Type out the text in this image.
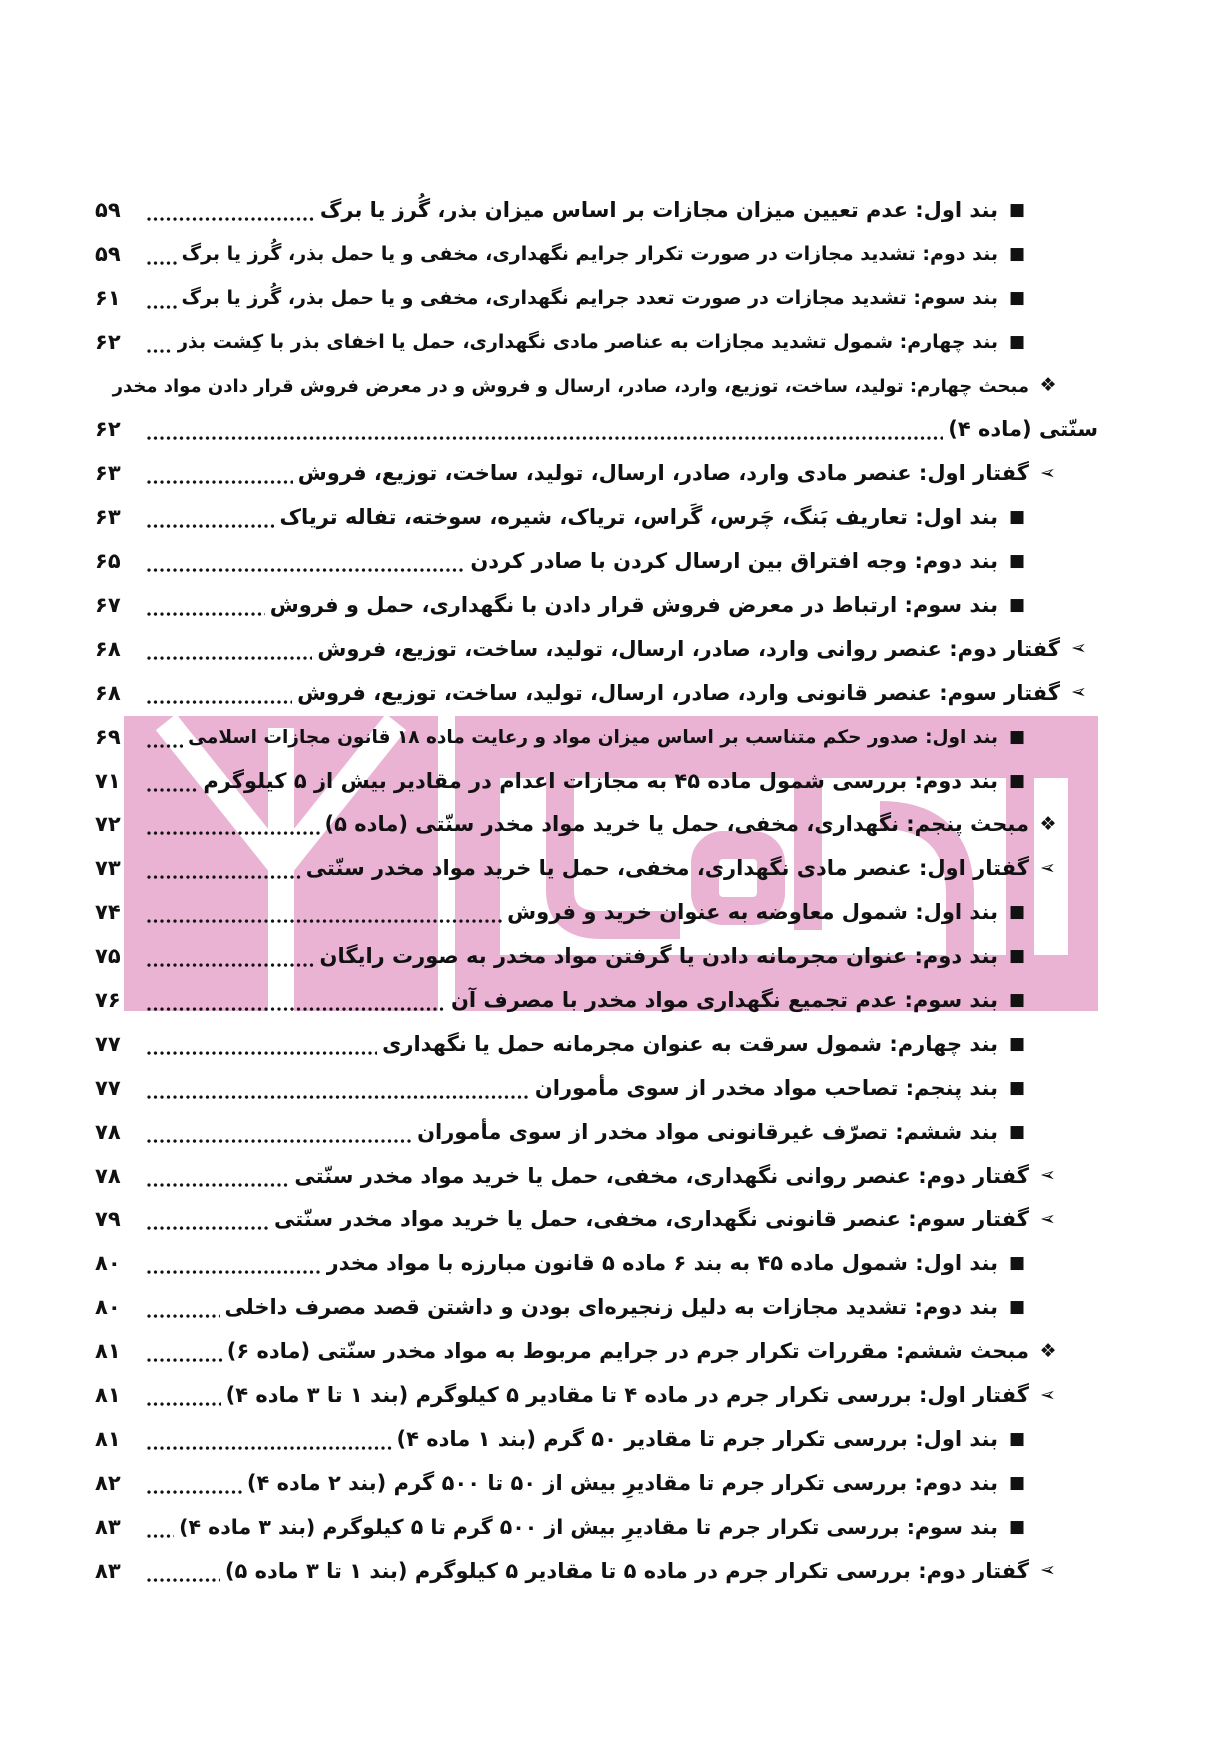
■
بند اول: عدم تعیین میزان مجازات بر اساس میزان بذر، گُرز یا برگ
۵۹
■
بند دوم: تشدید مجازات در صورت تکرار جرایم نگهداری، مخفی و یا حمل بذر، گُرز یا برگ
۵۹
■
بند سوم: تشدید مجازات در صورت تعدد جرایم نگهداری، مخفی و یا حمل بذر، گُرز یا برگ
۶۱
■
بند چهارم: شمول تشدید مجازات به عناصر مادی نگهداری، حمل یا اخفای بذر با کِشت بذر
۶۲
❖
مبحث چهارم: تولید، ساخت، توزیع، وارد، صادر، ارسال و فروش و در معرض فروش قرار دادن مواد مخدر
سنّتی (ماده ۴)
۶۲
➢
گفتار اول: عنصر مادی وارد، صادر، ارسال، تولید، ساخت، توزیع، فروش
۶۳
■
بند اول: تعاریف بَنگ، چَرس، گَراس، تریاک، شیره، سوخته، تفاله تریاک
۶۳
■
بند دوم: وجه افتراق بین ارسال کردن با صادر کردن
۶۵
■
بند سوم: ارتباط در معرض فروش قرار دادن با نگهداری، حمل و فروش
۶۷
➢
گفتار دوم: عنصر روانی وارد، صادر، ارسال، تولید، ساخت، توزیع، فروش
۶۸
➢
گفتار سوم: عنصر قانونی وارد، صادر، ارسال، تولید، ساخت، توزیع، فروش
۶۸
■
بند اول: صدور حکم متناسب بر اساس میزان مواد و رعایت ماده ۱۸ قانون مجازات اسلامی
۶۹
■
بند دوم: بررسی شمول ماده ۴۵ به مجازات اعدام در مقادیر بیش از ۵ کیلوگرم
۷۱
❖
مبحث پنجم: نگهداری، مخفی، حمل یا خرید مواد مخدر سنّتی (ماده ۵)
۷۲
➢
گفتار اول: عنصر مادی نگهداری، مخفی، حمل یا خرید مواد مخدر سنّتی
۷۳
■
بند اول: شمول معاوضه به عنوان خرید و فروش
۷۴
■
بند دوم: عنوان مجرمانه دادن یا گرفتن مواد مخدر به صورت رایگان
۷۵
■
بند سوم: عدم تجمیع نگهداری مواد مخدر با مصرف آن
۷۶
■
بند چهارم: شمول سرقت به عنوان مجرمانه حمل یا نگهداری
۷۷
■
بند پنجم: تصاحب مواد مخدر از سوی مأموران
۷۷
■
بند ششم: تصرّف غیرقانونی مواد مخدر از سوی مأموران
۷۸
➢
گفتار دوم: عنصر روانی نگهداری، مخفی، حمل یا خرید مواد مخدر سنّتی
۷۸
➢
گفتار سوم: عنصر قانونی نگهداری، مخفی، حمل یا خرید مواد مخدر سنّتی
۷۹
■
بند اول: شمول ماده ۴۵ به بند ۶ ماده ۵ قانون مبارزه با مواد مخدر
۸۰
■
بند دوم: تشدید مجازات به دلیل زنجیره‌ای بودن و داشتن قصد مصرف داخلی
۸۰
❖
مبحث ششم: مقررات تکرار جرم در جرایم مربوط به مواد مخدر سنّتی (ماده ۶)
۸۱
➢
گفتار اول: بررسی تکرار جرم در ماده ۴ تا مقادیر ۵ کیلوگرم (بند ۱ تا ۳ ماده ۴)
۸۱
■
بند اول: بررسی تکرار جرم تا مقادیر ۵۰ گرم (بند ۱ ماده ۴)
۸۱
■
بند دوم: بررسی تکرار جرم تا مقادیرِ بیش از ۵۰ تا ۵۰۰ گرم (بند ۲ ماده ۴)
۸۲
■
بند سوم: بررسی تکرار جرم تا مقادیرِ بیش از ۵۰۰ گرم تا ۵ کیلوگرم (بند ۳ ماده ۴)
۸۳
➢
گفتار دوم: بررسی تکرار جرم در ماده ۵ تا مقادیر ۵ کیلوگرم (بند ۱ تا ۳ ماده ۵)
۸۳
